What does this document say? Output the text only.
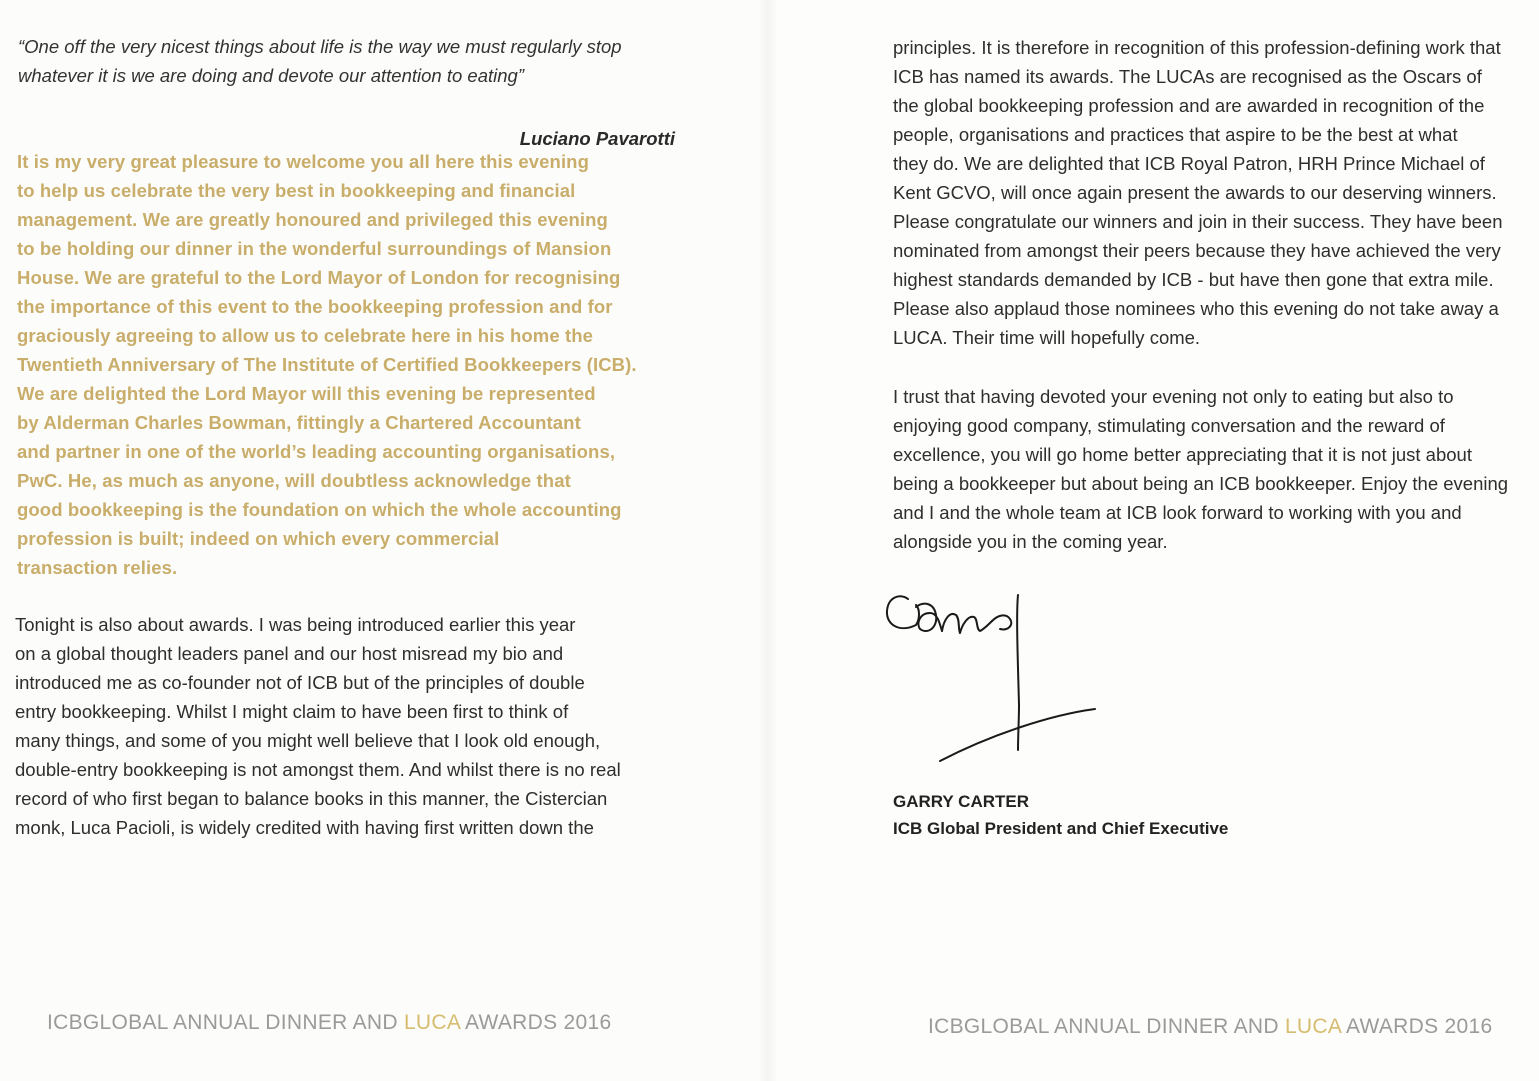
“One off the very nicest things about life is the way we must regularly stop
whatever it is we are doing and devote our attention to eating”
Luciano Pavarotti
It is my very great pleasure to welcome you all here this evening
to help us celebrate the very best in bookkeeping and financial
management. We are greatly honoured and privileged this evening
to be holding our dinner in the wonderful surroundings of Mansion
House. We are grateful to the Lord Mayor of London for recognising
the importance of this event to the bookkeeping profession and for
graciously agreeing to allow us to celebrate here in his home the
Twentieth Anniversary of The Institute of Certified Bookkeepers (ICB).
We are delighted the Lord Mayor will this evening be represented
by Alderman Charles Bowman, fittingly a Chartered Accountant
and partner in one of the world’s leading accounting organisations,
PwC. He, as much as anyone, will doubtless acknowledge that
good bookkeeping is the foundation on which the whole accounting
profession is built; indeed on which every commercial
transaction relies.
Tonight is also about awards. I was being introduced earlier this year
on a global thought leaders panel and our host misread my bio and
introduced me as co-founder not of ICB but of the principles of double
entry bookkeeping. Whilst I might claim to have been first to think of
many things, and some of you might well believe that I look old enough,
double-entry bookkeeping is not amongst them. And whilst there is no real
record of who first began to balance books in this manner, the Cistercian
monk, Luca Pacioli, is widely credited with having first written down the
ICBGLOBAL ANNUAL DINNER AND LUCA AWARDS 2016
principles. It is therefore in recognition of this profession-defining work that
ICB has named its awards. The LUCAs are recognised as the Oscars of
the global bookkeeping profession and are awarded in recognition of the
people, organisations and practices that aspire to be the best at what
they do. We are delighted that ICB Royal Patron, HRH Prince Michael of
Kent GCVO, will once again present the awards to our deserving winners.
Please congratulate our winners and join in their success. They have been
nominated from amongst their peers because they have achieved the very
highest standards demanded by ICB - but have then gone that extra mile.
Please also applaud those nominees who this evening do not take away a
LUCA. Their time will hopefully come.
I trust that having devoted your evening not only to eating but also to
enjoying good company, stimulating conversation and the reward of
excellence, you will go home better appreciating that it is not just about
being a bookkeeper but about being an ICB bookkeeper. Enjoy the evening
and I and the whole team at ICB look forward to working with you and
alongside you in the coming year.
GARRY CARTER
ICB Global President and Chief Executive
ICBGLOBAL ANNUAL DINNER AND LUCA AWARDS 2016
